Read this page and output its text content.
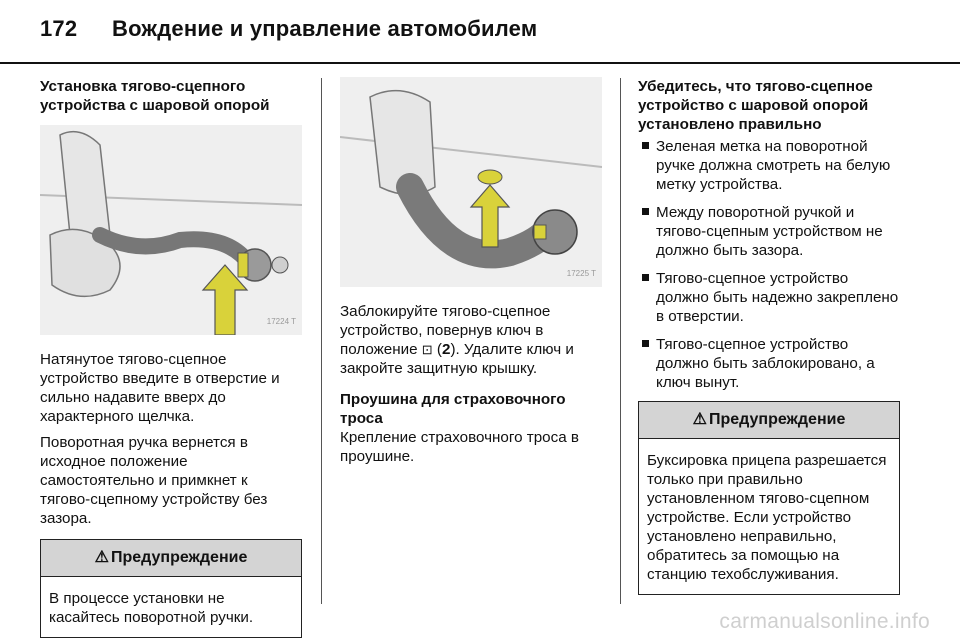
172 Вождение и управление автомобилем

Установка тягово-сцепного устройства с шаровой опорой

17224 T

Натянутое тягово-сцепное устройство введите в отверстие и сильно надавите вверх до характерного щелчка.

Поворотная ручка вернется в исходное положение самостоятельно и примкнет к тягово-сцепному устройству без зазора.

⚠ Предупреждение
В процессе установки не касайтесь поворотной ручки.
17225 T

Заблокируйте тягово-сцепное устройство, повернув ключ в положение ⊡ (2). Удалите ключ и закройте защитную крышку.

Проушина для страховочного троса

Крепление страховочного троса в проушине.

Убедитесь, что тягово-сцепное устройство с шаровой опорой установлено правильно

Зеленая метка на поворотной ручке должна смотреть на белую метку устройства.
Между поворотной ручкой и тягово-сцепным устройством не должно быть зазора.
Тягово-сцепное устройство должно быть надежно закреплено в отверстии.
Тягово-сцепное устройство должно быть заблокировано, а ключ вынут.
⚠ Предупреждение
Буксировка прицепа разрешается только при правильно установленном тягово-сцепном устройстве. Если устройство установлено неправильно, обратитесь за помощью на станцию техобслуживания.
carmanualsonline.info
